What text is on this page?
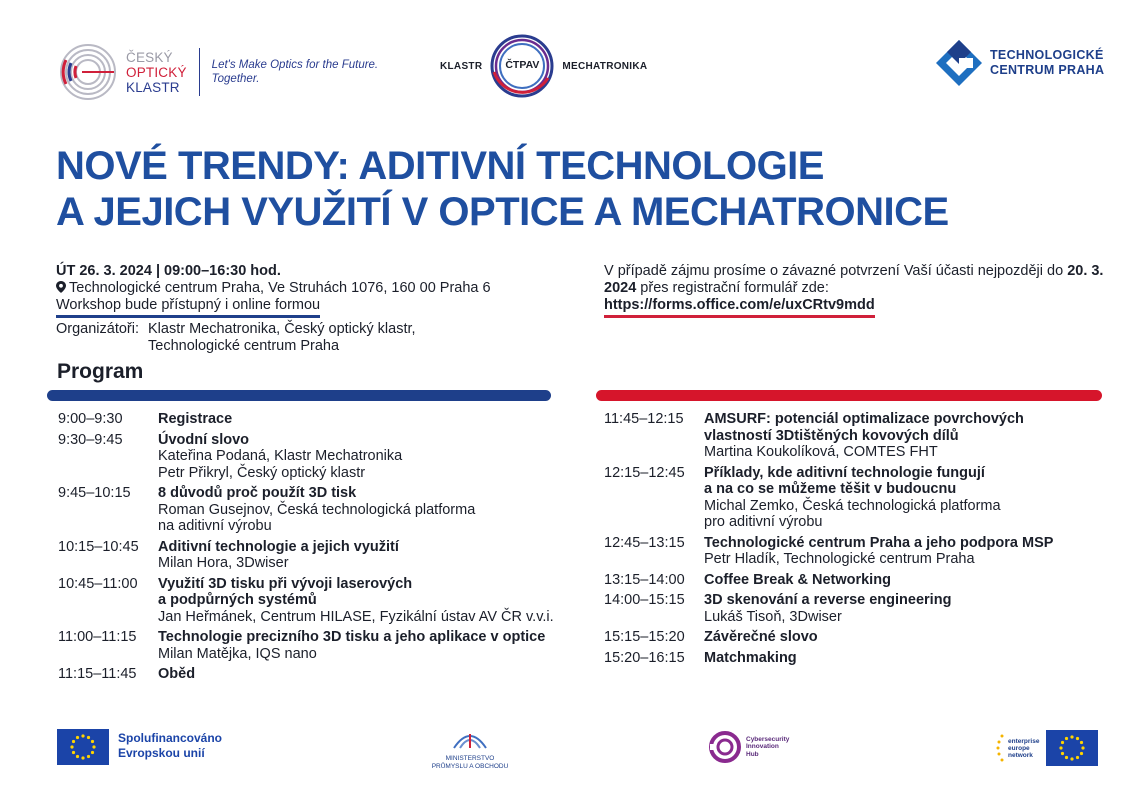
ČESKÝ
OPTICKÝ
KLASTR
Let's Make Optics for the Future. Together.
KLASTR	ČTPAV	MECHATRONIKA
TECHNOLOGICKÉ
CENTRUM PRAHA
NOVÉ TRENDY: ADITIVNÍ TECHNOLOGIE
A JEJICH VYUŽITÍ V OPTICE A MECHATRONICE
ÚT 26. 3. 2024 | 09:00–16:30 hod.
Technologické centrum Praha, Ve Struhách 1076, 160 00 Praha 6
Workshop bude přístupný i online formou
Organizátoři: Klastr Mechatronika, Český optický klastr,
Technologické centrum Praha
V případě zájmu prosíme o závazné potvrzení Vaší účasti nejpozději do 20. 3. 2024 přes registrační formulář zde:
https://forms.office.com/e/uxCRtv9mdd
Program
9:00–9:30	Registrace
9:30–9:45	Úvodní slovo
Kateřina Podaná, Klastr Mechatronika
Petr Přikryl, Český optický klastr
9:45–10:15	8 důvodů proč použít 3D tisk
Roman Gusejnov, Česká technologická platforma
na aditivní výrobu
10:15–10:45	Aditivní technologie a jejich využití
Milan Hora, 3Dwiser
10:45–11:00	Využití 3D tisku při vývoji laserových
a podpůrných systémů
Jan Heřmánek, Centrum HILASE, Fyzikální ústav AV ČR v.v.i.
11:00–11:15	Technologie precizního 3D tisku a jeho aplikace v optice
Milan Matějka, IQS nano
11:15–11:45	Oběd
11:45–12:15	AMSURF: potenciál optimalizace povrchových
vlastností 3Dtištěných kovových dílů
Martina Koukolíková, COMTES FHT
12:15–12:45	Příklady, kde aditivní technologie fungují
a na co se můžeme těšit v budoucnu
Michal Zemko, Česká technologická platforma
pro aditivní výrobu
12:45–13:15	Technologické centrum Praha a jeho podpora MSP
Petr Hladík, Technologické centrum Praha
13:15–14:00	Coffee Break & Networking
14:00–15:15	3D skenování a reverse engineering
Lukáš Tisoň, 3Dwiser
15:15–15:20	Závěrečné slovo
15:20–16:15	Matchmaking
Spolufinancováno
Evropskou unií	MINISTERSTVO
PRŮMYSLU A OBCHODU
Cybersecurity
Innovation
Hub
enterprise
europe
network
